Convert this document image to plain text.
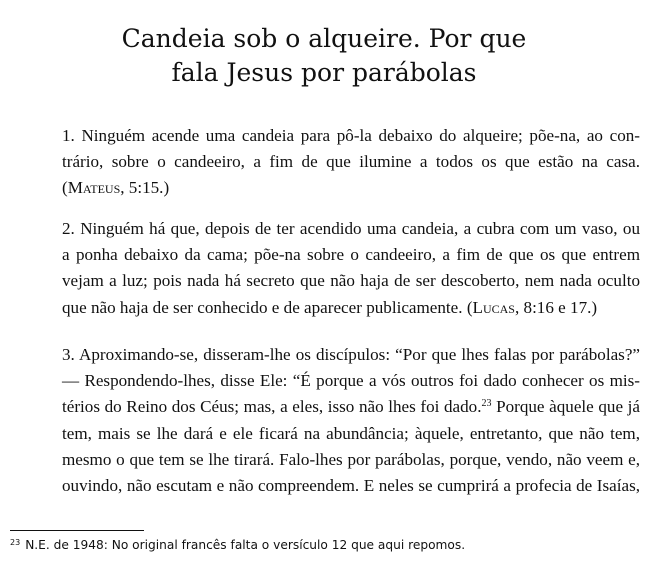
Candeia sob o alqueire. Por que
fala Jesus por parábolas
1. Ninguém acende uma candeia para pô-la debaixo do alqueire; põe-na, ao con-
trário, sobre o candeeiro, a fim de que ilumine a todos os que estão na casa.
(Mateus, 5:15.)
2. Ninguém há que, depois de ter acendido uma candeia, a cubra com um vaso, ou
a ponha debaixo da cama; põe-na sobre o candeeiro, a fim de que os que entrem
vejam a luz; pois nada há secreto que não haja de ser descoberto, nem nada oculto
que não haja de ser conhecido e de aparecer publicamente. (Lucas, 8:16 e 17.)
3. Aproximando-se, disseram-lhe os discípulos: “Por que lhes falas por parábolas?”
— Respondendo-lhes, disse Ele: “É porque a vós outros foi dado conhecer os mis-
térios do Reino dos Céus; mas, a eles, isso não lhes foi dado.$^{23}$ Porque àquele que já
tem, mais se lhe dará e ele ficará na abundância; àquele, entretanto, que não tem,
mesmo o que tem se lhe tirará. Falo-lhes por parábolas, porque, vendo, não veem e,
ouvindo, não escutam e não compreendem. E neles se cumprirá a profecia de Isaías,
$^{23}$ N.E. de 1948: No original francês falta o versículo 12 que aqui repomos.
